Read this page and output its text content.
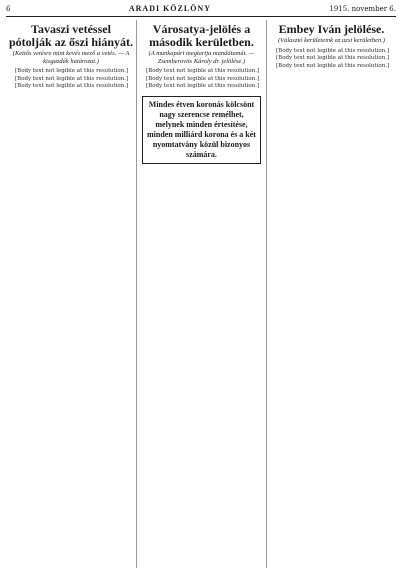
6	ARADI KÖZLÖNY	1915. november 6.
Tavaszi vetéssel pótolják az őszi hiányát.
(Kettős vetésre mint kevés mező a vetés. — A kisgazdák határozat.)

[Body text not legible at this resolution.]

[Body text not legible at this resolution.]

[Body text not legible at this resolution.]

Városatya-jelölés a második kerületben.
(A munkapárt megtartja mandátumát. — Zsemberovits Károly dr. jelölése.)

[Body text not legible at this resolution.]

[Body text not legible at this resolution.]

[Body text not legible at this resolution.]

Mindes étven koronás kölcsönt nagy szerencse remélhet, melynek minden értesítése, minden milliárd korona és a két nyomtatvány közül bizonyos számára.
Embey Iván jelölése.
(Választó kerületeink az uzsi kerületben.)

[Body text not legible at this resolution.]

[Body text not legible at this resolution.]

[Body text not legible at this resolution.]
